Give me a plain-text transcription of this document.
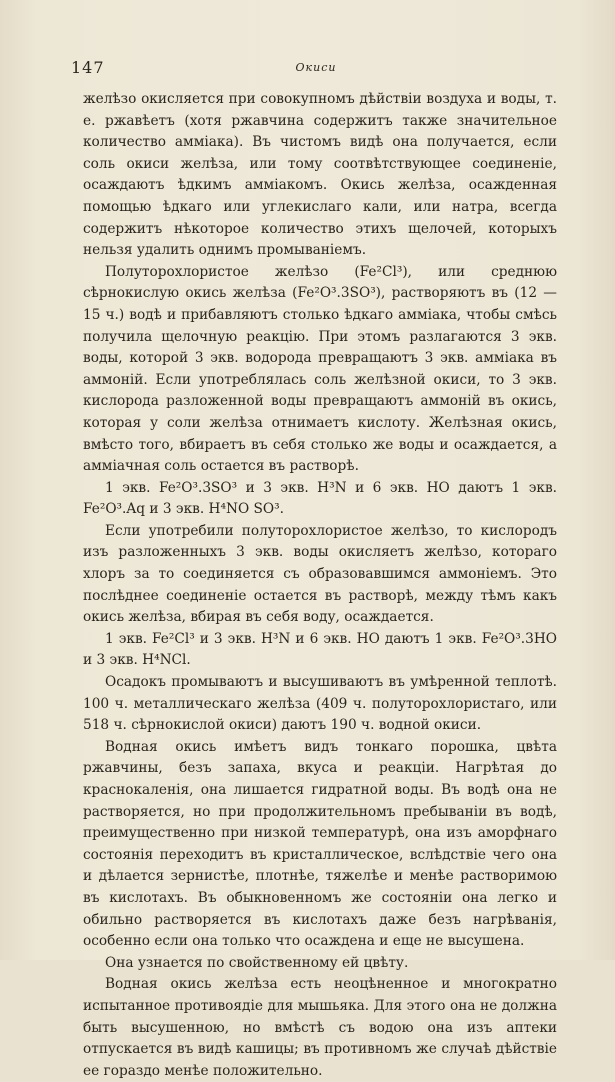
147	Окиси

желѣзо окисляется при совокупномъ дѣйствіи воздуха и воды, т. е. ржавѣетъ (хотя ржавчина содержитъ также значительное количество амміака). Въ чистомъ видѣ она получается, если соль окиси желѣза, или тому соотвѣтствующее соединеніе, осаждаютъ ѣдкимъ амміакомъ. Окись желѣза, осажденная помощью ѣдкаго или углекислаго кали, или натра, всегда содержитъ нѣкоторое количество этихъ щелочей, которыхъ нельзя удалить однимъ промываніемъ.

Полуторохлористое желѣзо (Fe²Cl³), или среднюю сѣрнокислую окись желѣза (Fe²O³.3SO³), растворяютъ въ (12 — 15 ч.) водѣ и прибавляютъ столько ѣдкаго амміака, чтобы смѣсь получила щелочную реакцію. При этомъ разлагаются 3 экв. воды, которой 3 экв. водорода превращаютъ 3 экв. амміака въ аммоній. Если употреблялась соль желѣзной окиси, то 3 экв. кислорода разложенной воды превращаютъ аммоній въ окись, которая у соли желѣза отнимаетъ кислоту. Желѣзная окись, вмѣсто того, вбираетъ въ себя столько же воды и осаждается, а амміачная соль остается въ растворѣ.

1 экв. Fe²O³.3SO³ и 3 экв. H³N и 6 экв. HO даютъ 1 экв. Fe²O³.Aq и 3 экв. H⁴NO SO³.

Если употребили полуторохлористое желѣзо, то кислородъ изъ разложенныхъ 3 экв. воды окисляетъ желѣзо, котораго хлоръ за то соединяется съ образовавшимся аммоніемъ. Это послѣднее соединеніе остается въ растворѣ, между тѣмъ какъ окись желѣза, вбирая въ себя воду, осаждается.

1 экв. Fe²Cl³ и 3 экв. H³N и 6 экв. HO даютъ 1 экв. Fe²O³.3HO и 3 экв. H⁴NCl.

Осадокъ промываютъ и высушиваютъ въ умѣренной теплотѣ. 100 ч. металлическаго желѣза (409 ч. полуторохлористаго, или 518 ч. сѣрнокислой окиси) даютъ 190 ч. водной окиси.

Водная окись имѣетъ видъ тонкаго порошка, цвѣта ржавчины, безъ запаха, вкуса и реакціи. Нагрѣтая до краснокаленія, она лишается гидратной воды. Въ водѣ она не растворяется, но при продолжительномъ пребываніи въ водѣ, преимущественно при низкой температурѣ, она изъ аморфнаго состоянія переходитъ въ кристаллическое, вслѣдствіе чего она и дѣлается зернистѣе, плотнѣе, тяжелѣе и менѣе растворимою въ кислотахъ. Въ обыкновенномъ же состояніи она легко и обильно растворяется въ кислотахъ даже безъ нагрѣванія, особенно если она только что осаждена и еще не высушена.

Она узнается по свойственному ей цвѣту.

Водная окись желѣза есть неоцѣненное и многократно испытанное противоядіе для мышьяка. Для этого она не должна быть высушенною, но вмѣстѣ съ водою она изъ аптеки отпускается въ видѣ кашицы; въ противномъ же случаѣ дѣйствіе ее гораздо менѣе положительно.
